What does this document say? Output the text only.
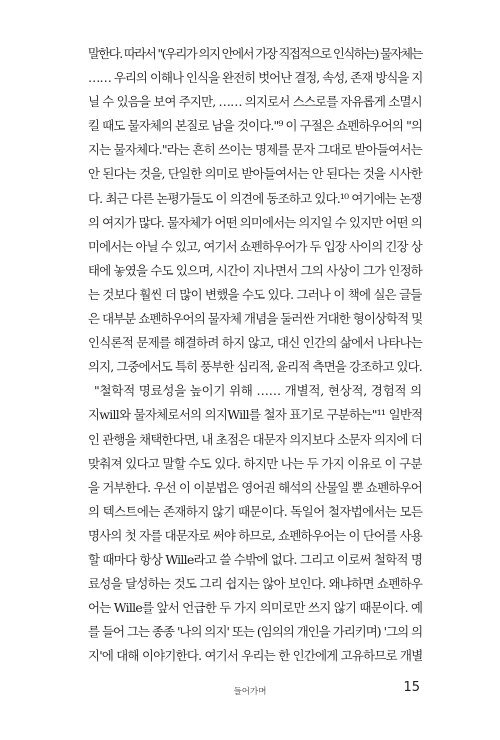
말한다. 따라서 "(우리가 의지 안에서 가장 직접적으로 인식하는) 물자체는
…… 우리의 이해나 인식을 완전히 벗어난 결정, 속성, 존재 방식을 지
닐 수 있음을 보여 주지만, …… 의지로서 스스로를 자유롭게 소멸시
킬 때도 물자체의 본질로 남을 것이다."⁹ 이 구절은 쇼펜하우어의 "의
지는 물자체다."라는 흔히 쓰이는 명제를 문자 그대로 받아들여서는
안 된다는 것을, 단일한 의미로 받아들여서는 안 된다는 것을 시사한
다. 최근 다른 논평가들도 이 의견에 동조하고 있다.¹⁰ 여기에는 논쟁
의 여지가 많다. 물자체가 어떤 의미에서는 의지일 수 있지만 어떤 의
미에서는 아닐 수 있고, 여기서 쇼펜하우어가 두 입장 사이의 긴장 상
태에 놓였을 수도 있으며, 시간이 지나면서 그의 사상이 그가 인정하
는 것보다 훨씬 더 많이 변했을 수도 있다. 그러나 이 책에 실은 글들
은 대부분 쇼펜하우어의 물자체 개념을 둘러싼 거대한 형이상학적 및
인식론적 문제를 해결하려 하지 않고, 대신 인간의 삶에서 나타나는
의지, 그중에서도 특히 풍부한 심리적, 윤리적 측면을 강조하고 있다.
"철학적 명료성을 높이기 위해 …… 개별적, 현상적, 경험적 의
지will와 물자체로서의 의지Will를 철자 표기로 구분하는"¹¹ 일반적
인 관행을 채택한다면, 내 초점은 대문자 의지보다 소문자 의지에 더
맞춰져 있다고 말할 수도 있다. 하지만 나는 두 가지 이유로 이 구분
을 거부한다. 우선 이 이분법은 영어권 해석의 산물일 뿐 쇼펜하우어
의 텍스트에는 존재하지 않기 때문이다. 독일어 철자법에서는 모든
명사의 첫 자를 대문자로 써야 하므로, 쇼펜하우어는 이 단어를 사용
할 때마다 항상 Wille라고 쓸 수밖에 없다. 그리고 이로써 철학적 명
료성을 달성하는 것도 그리 쉽지는 않아 보인다. 왜냐하면 쇼펜하우
어는 Wille를 앞서 언급한 두 가지 의미로만 쓰지 않기 때문이다. 예
를 들어 그는 종종 '나의 의지' 또는 (임의의 개인을 가리키며) '그의 의
지'에 대해 이야기한다. 여기서 우리는 한 인간에게 고유하므로 개별
들어가며	15
